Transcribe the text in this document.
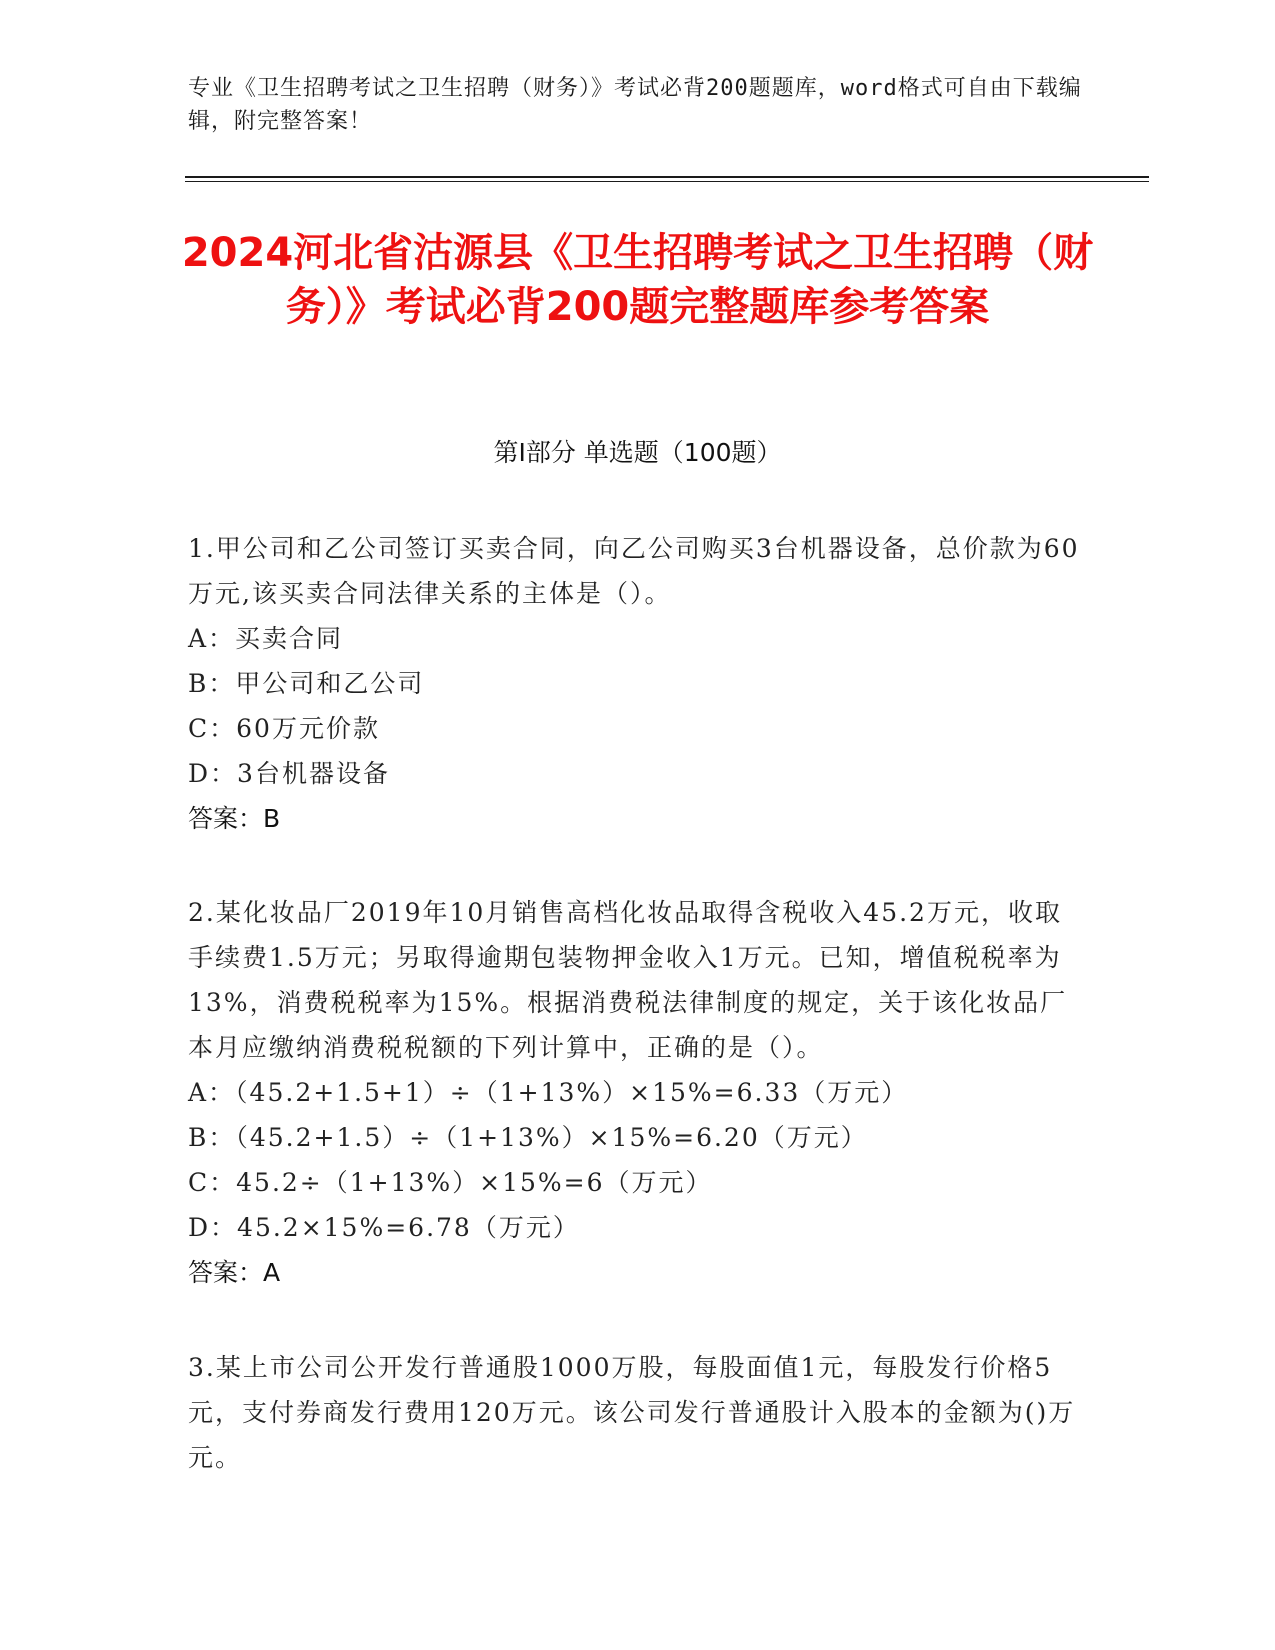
专业《卫生招聘考试之卫生招聘（财务）》考试必背200题题库，word格式可自由下载编辑，附完整答案！
2024河北省沽源县《卫生招聘考试之卫生招聘（财务）》考试必背200题完整题库参考答案
第I部分 单选题（100题）

1.甲公司和乙公司签订买卖合同，向乙公司购买3台机器设备，总价款为60万元,该买卖合同法律关系的主体是（）。

A：买卖合同

B：甲公司和乙公司

C：60万元价款

D：3台机器设备

答案：B

2.某化妆品厂2019年10月销售高档化妆品取得含税收入45.2万元，收取手续费1.5万元；另取得逾期包装物押金收入1万元。已知，增值税税率为13%，消费税税率为15%。根据消费税法律制度的规定，关于该化妆品厂本月应缴纳消费税税额的下列计算中，正确的是（）。

A：（45.2+1.5+1）÷（1+13%）×15%=6.33（万元）

B：（45.2+1.5）÷（1+13%）×15%=6.20（万元）

C：45.2÷（1+13%）×15%=6（万元）

D：45.2×15%=6.78（万元）

答案：A

3.某上市公司公开发行普通股1000万股，每股面值1元，每股发行价格5元，支付券商发行费用120万元。该公司发行普通股计入股本的金额为()万元。
